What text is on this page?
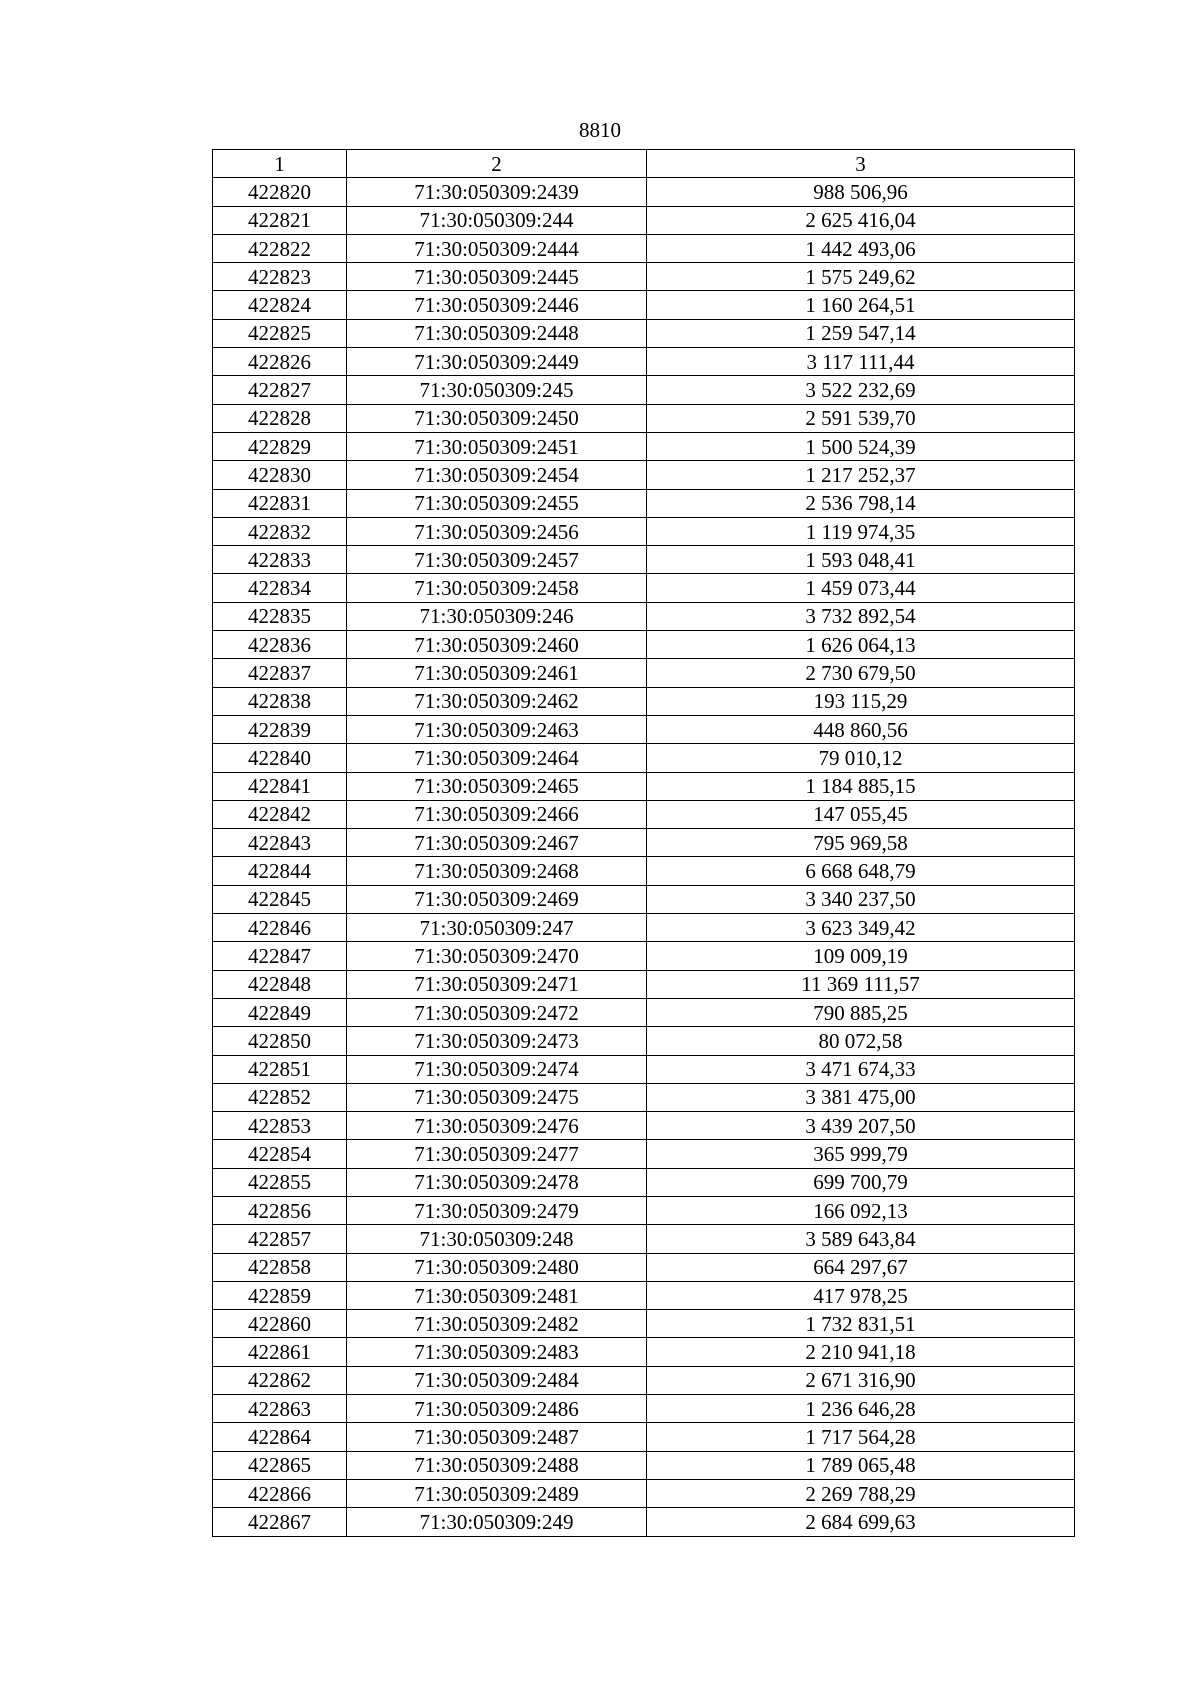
8810
1	2	3
422820	71:30:050309:2439	988 506,96
422821	71:30:050309:244	2 625 416,04
422822	71:30:050309:2444	1 442 493,06
422823	71:30:050309:2445	1 575 249,62
422824	71:30:050309:2446	1 160 264,51
422825	71:30:050309:2448	1 259 547,14
422826	71:30:050309:2449	3 117 111,44
422827	71:30:050309:245	3 522 232,69
422828	71:30:050309:2450	2 591 539,70
422829	71:30:050309:2451	1 500 524,39
422830	71:30:050309:2454	1 217 252,37
422831	71:30:050309:2455	2 536 798,14
422832	71:30:050309:2456	1 119 974,35
422833	71:30:050309:2457	1 593 048,41
422834	71:30:050309:2458	1 459 073,44
422835	71:30:050309:246	3 732 892,54
422836	71:30:050309:2460	1 626 064,13
422837	71:30:050309:2461	2 730 679,50
422838	71:30:050309:2462	193 115,29
422839	71:30:050309:2463	448 860,56
422840	71:30:050309:2464	79 010,12
422841	71:30:050309:2465	1 184 885,15
422842	71:30:050309:2466	147 055,45
422843	71:30:050309:2467	795 969,58
422844	71:30:050309:2468	6 668 648,79
422845	71:30:050309:2469	3 340 237,50
422846	71:30:050309:247	3 623 349,42
422847	71:30:050309:2470	109 009,19
422848	71:30:050309:2471	11 369 111,57
422849	71:30:050309:2472	790 885,25
422850	71:30:050309:2473	80 072,58
422851	71:30:050309:2474	3 471 674,33
422852	71:30:050309:2475	3 381 475,00
422853	71:30:050309:2476	3 439 207,50
422854	71:30:050309:2477	365 999,79
422855	71:30:050309:2478	699 700,79
422856	71:30:050309:2479	166 092,13
422857	71:30:050309:248	3 589 643,84
422858	71:30:050309:2480	664 297,67
422859	71:30:050309:2481	417 978,25
422860	71:30:050309:2482	1 732 831,51
422861	71:30:050309:2483	2 210 941,18
422862	71:30:050309:2484	2 671 316,90
422863	71:30:050309:2486	1 236 646,28
422864	71:30:050309:2487	1 717 564,28
422865	71:30:050309:2488	1 789 065,48
422866	71:30:050309:2489	2 269 788,29
422867	71:30:050309:249	2 684 699,63
